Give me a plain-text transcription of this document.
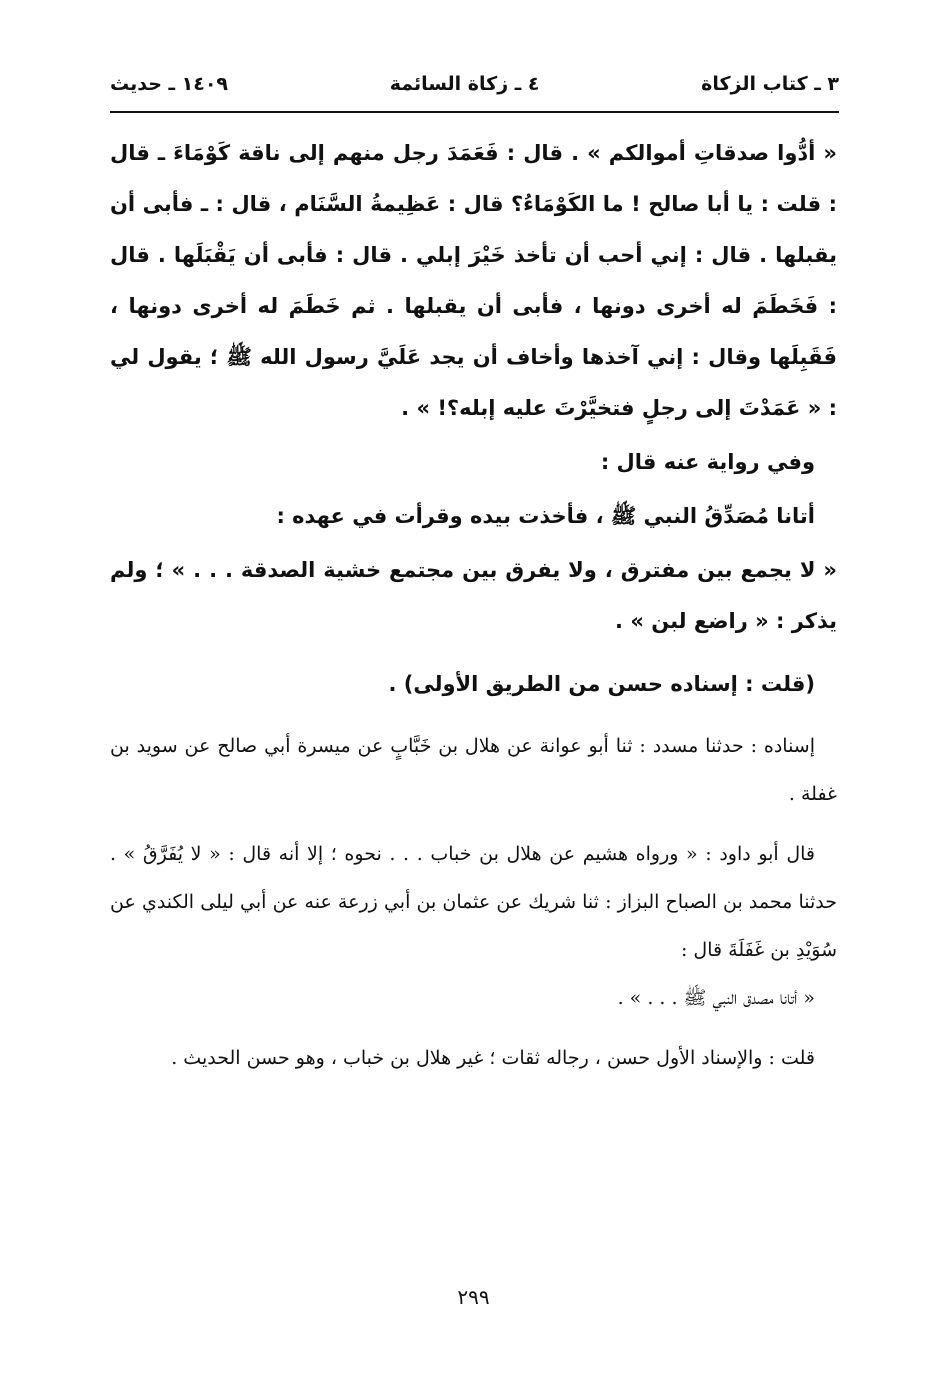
٣ ـ كتاب الزكاة
٤ ـ زكاة السائمة
١٤٠٩ ـ حديث

« أدُّوا صدقاتِ أموالكم » . قال : فَعَمَدَ رجل منهم إلى ناقة كَوْمَاءَ ـ قال : قلت : يا أبا صالح ! ما الكَوْمَاءُ؟ قال : عَظِيمةُ السَّنَام ، قال : ـ فأبى أن يقبلها . قال : إني أحب أن تأخذ خَيْرَ إبلي . قال : فأبى أن يَقْبَلَها . قال : فَخَطَمَ له أخرى دونها ، فأبى أن يقبلها . ثم خَطَمَ له أخرى دونها ، فَقَبِلَها وقال : إني آخذها وأخاف أن يجد عَلَيَّ رسول الله ﷺ ؛ يقول لي : « عَمَدْتَ إلى رجلٍ فتخيَّرْتَ عليه إبله؟! » .

وفي رواية عنه قال :

أتانا مُصَدِّقُ النبي ﷺ ، فأخذت بيده وقرأت في عهده :

« لا يجمع بين مفترق ، ولا يفرق بين مجتمع خشية الصدقة . . . » ؛ ولم يذكر : « راضع لبن » .

(قلت : إسناده حسن من الطريق الأولى) .

إسناده : حدثنا مسدد : ثنا أبو عوانة عن هلال بن خَبَّابٍ عن ميسرة أبي صالح عن سويد بن غفلة .

قال أبو داود : « ورواه هشيم عن هلال بن خباب . . . نحوه ؛ إلا أنه قال : « لا يُفَرَّقُ » . حدثنا محمد بن الصباح البزاز : ثنا شريك عن عثمان بن أبي زرعة عنه عن أبي ليلى الكندي عن سُوَيْدِ بن غَفَلَةَ قال :

« أتانا مصدق النبي ﷺ . . . » .

قلت : والإسناد الأول حسن ، رجاله ثقات ؛ غير هلال بن خباب ، وهو حسن الحديث .

٢٩٩
